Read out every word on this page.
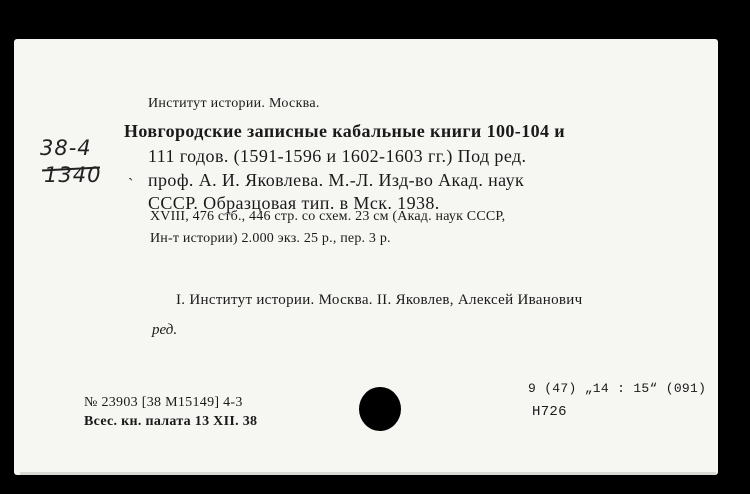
38-4
1340
Институт истории. Москва.
Новгородские записные кабальные книги 100-104 и
111 годов. (1591-1596 и 1602-1603 гг.) Под ред.
` проф. А. И. Яковлева. М.-Л. Изд-во Акад. наук
СССР. Образцовая тип. в Мск. 1938.
XVIII, 476 стб., 446 стр. со схем. 23 см (Акад. наук СССР,
Ин-т истории) 2.000 экз. 25 р., пер. 3 р.
I. Институт истории. Москва. II. Яковлев, Алексей Иванович
ред.
№ 23903 [38 М15149] 4-3
Всес. кн. палата 13 XII. 38
9 (47) „14 : 15“ (091)
Н726
